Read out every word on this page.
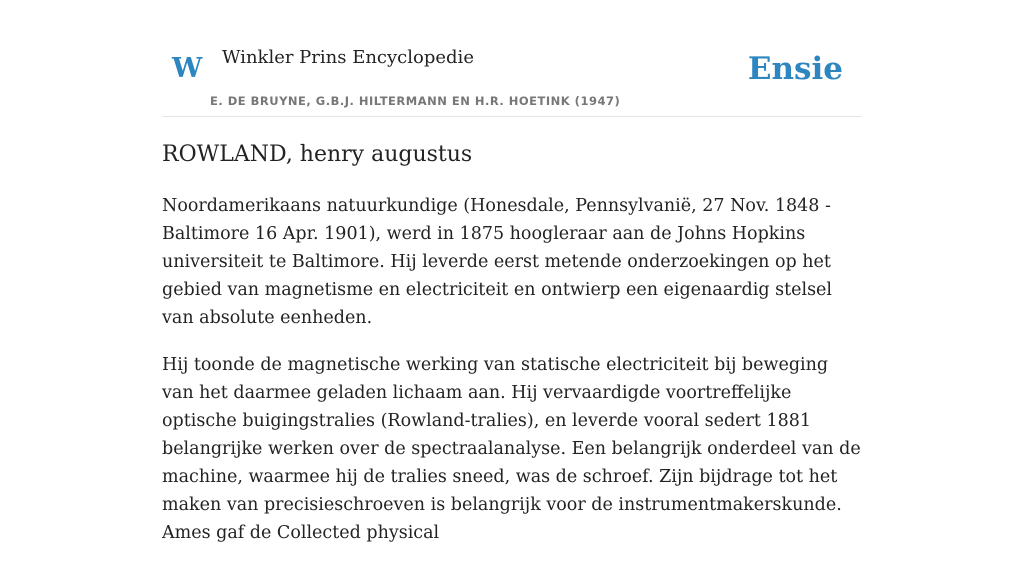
W Winkler Prins Encyclopedie
E. DE BRUYNE, G.B.J. HILTERMANN EN H.R. HOETINK (1947)
Ensie
ROWLAND, henry augustus

Noordamerikaans natuurkundige (Honesdale, Pennsylvanië, 27 Nov. 1848 - Baltimore 16 Apr. 1901), werd in 1875 hoogleraar aan de Johns Hopkins universiteit te Baltimore. Hij leverde eerst metende onderzoekingen op het gebied van magnetisme en electriciteit en ontwierp een eigenaardig stelsel van absolute eenheden.

Hij toonde de magnetische werking van statische electriciteit bij beweging van het daarmee geladen lichaam aan. Hij vervaardigde voortreffelijke optische buigingstralies (Rowland-tralies), en leverde vooral sedert 1881 belangrijke werken over de spectraalanalyse. Een belangrijk onderdeel van de machine, waarmee hij de tralies sneed, was de schroef. Zijn bijdrage tot het maken van precisieschroeven is belangrijk voor de instrumentmakerskunde. Ames gaf de Collected physical
